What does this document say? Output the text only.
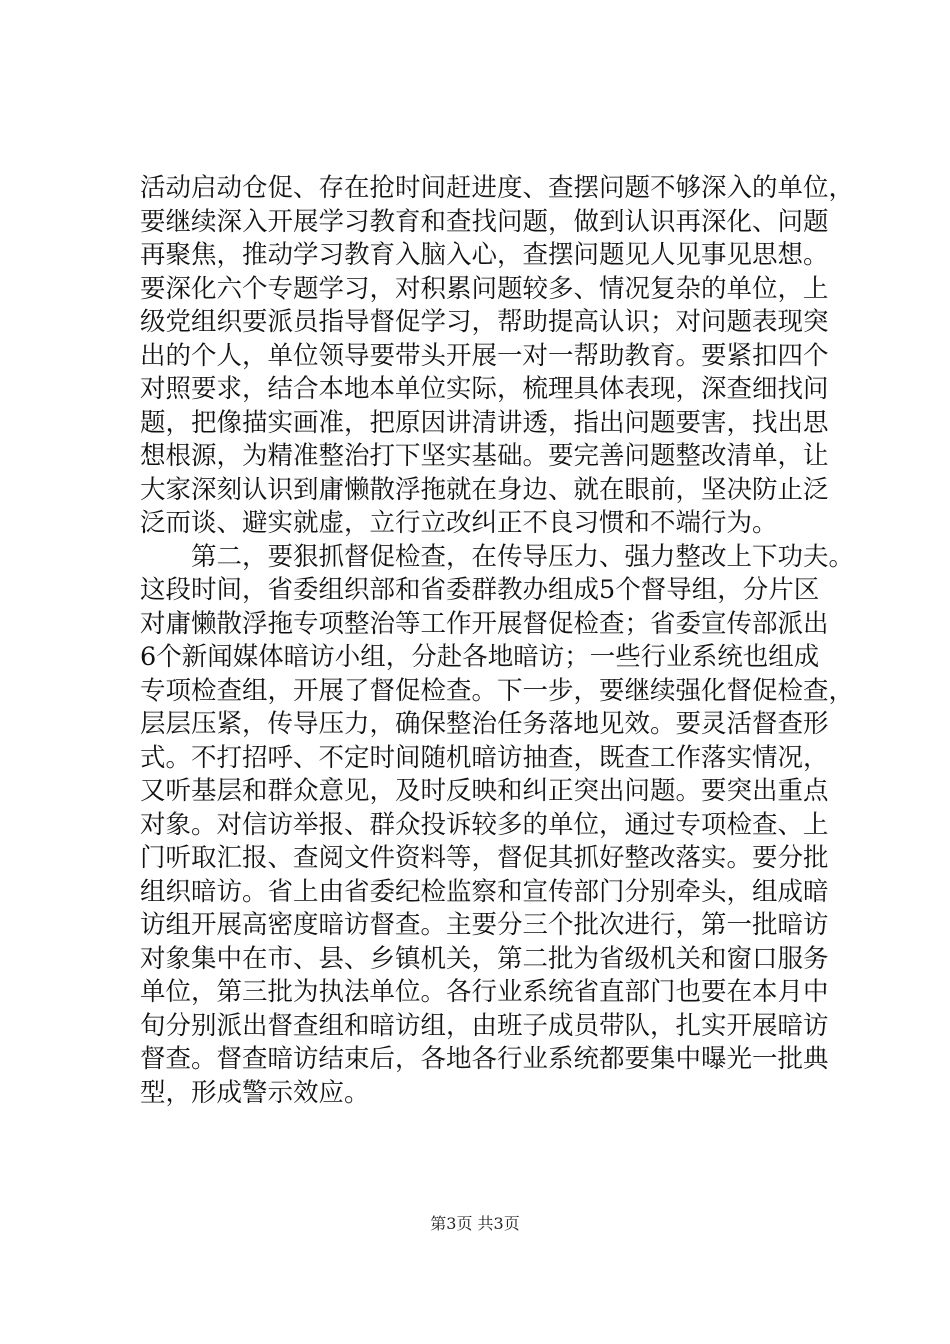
活动启动仓促、存在抢时间赶进度、查摆问题不够深入的单位，
要继续深入开展学习教育和查找问题，做到认识再深化、问题
再聚焦，推动学习教育入脑入心，查摆问题见人见事见思想。
要深化六个专题学习，对积累问题较多、情况复杂的单位，上
级党组织要派员指导督促学习，帮助提高认识；对问题表现突
出的个人，单位领导要带头开展一对一帮助教育。要紧扣四个
对照要求，结合本地本单位实际，梳理具体表现，深查细找问
题，把像描实画准，把原因讲清讲透，指出问题要害，找出思
想根源，为精准整治打下坚实基础。要完善问题整改清单，让
大家深刻认识到庸懒散浮拖就在身边、就在眼前，坚决防止泛
泛而谈、避实就虚，立行立改纠正不良习惯和不端行为。
　　第二，要狠抓督促检查，在传导压力、强力整改上下功夫。
这段时间，省委组织部和省委群教办组成5个督导组，分片区
对庸懒散浮拖专项整治等工作开展督促检查；省委宣传部派出
6个新闻媒体暗访小组，分赴各地暗访；一些行业系统也组成
专项检查组，开展了督促检查。下一步，要继续强化督促检查，
层层压紧，传导压力，确保整治任务落地见效。要灵活督查形
式。不打招呼、不定时间随机暗访抽查，既查工作落实情况，
又听基层和群众意见，及时反映和纠正突出问题。要突出重点
对象。对信访举报、群众投诉较多的单位，通过专项检查、上
门听取汇报、查阅文件资料等，督促其抓好整改落实。要分批
组织暗访。省上由省委纪检监察和宣传部门分别牵头，组成暗
访组开展高密度暗访督查。主要分三个批次进行，第一批暗访
对象集中在市、县、乡镇机关，第二批为省级机关和窗口服务
单位，第三批为执法单位。各行业系统省直部门也要在本月中
旬分别派出督查组和暗访组，由班子成员带队，扎实开展暗访
督查。督查暗访结束后，各地各行业系统都要集中曝光一批典
型，形成警示效应。
第3页 共3页
